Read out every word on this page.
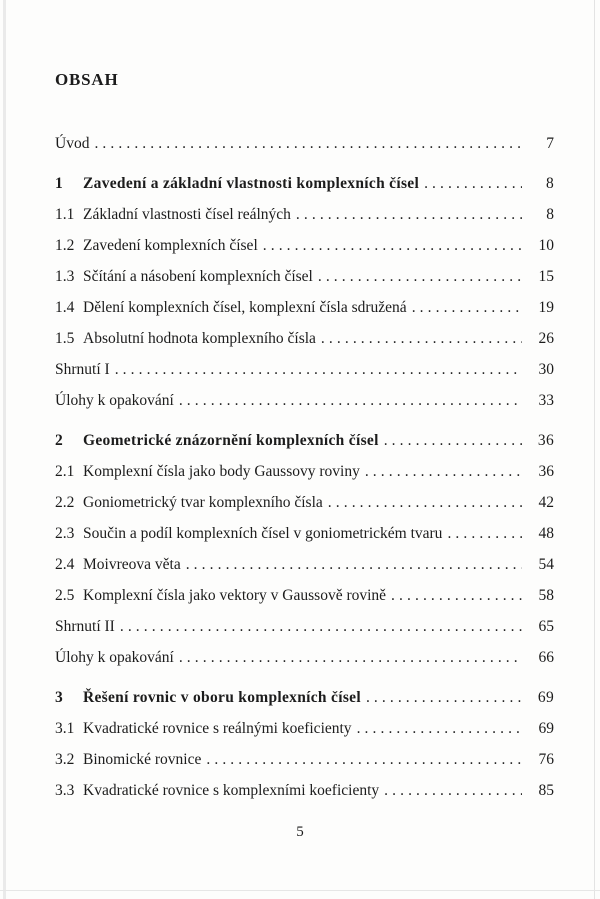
OBSAH
Úvod .....	7
1	Zavedení a základní vlastnosti komplexních čísel .....	8
1.1 Základní vlastnosti čísel reálných .....	8
1.2 Zavedení komplexních čísel .....	10
1.3 Sčítání a násobení komplexních čísel .....	15
1.4 Dělení komplexních čísel, komplexní čísla sdružená .....	19
1.5 Absolutní hodnota komplexního čísla .....	26
Shrnutí I .....	30
Úlohy k opakování .....	33
2	Geometrické znázornění komplexních čísel .....	36
2.1 Komplexní čísla jako body Gaussovy roviny .....	36
2.2 Goniometrický tvar komplexního čísla .....	42
2.3 Součin a podíl komplexních čísel v goniometrickém tvaru .....	48
2.4 Moivreova věta .....	54
2.5 Komplexní čísla jako vektory v Gaussově rovině .....	58
Shrnutí II .....	65
Úlohy k opakování .....	66
3	Řešení rovnic v oboru komplexních čísel .....	69
3.1 Kvadratické rovnice s reálnými koeficienty .....	69
3.2 Binomické rovnice .....	76
3.3 Kvadratické rovnice s komplexními koeficienty .....	85
5
